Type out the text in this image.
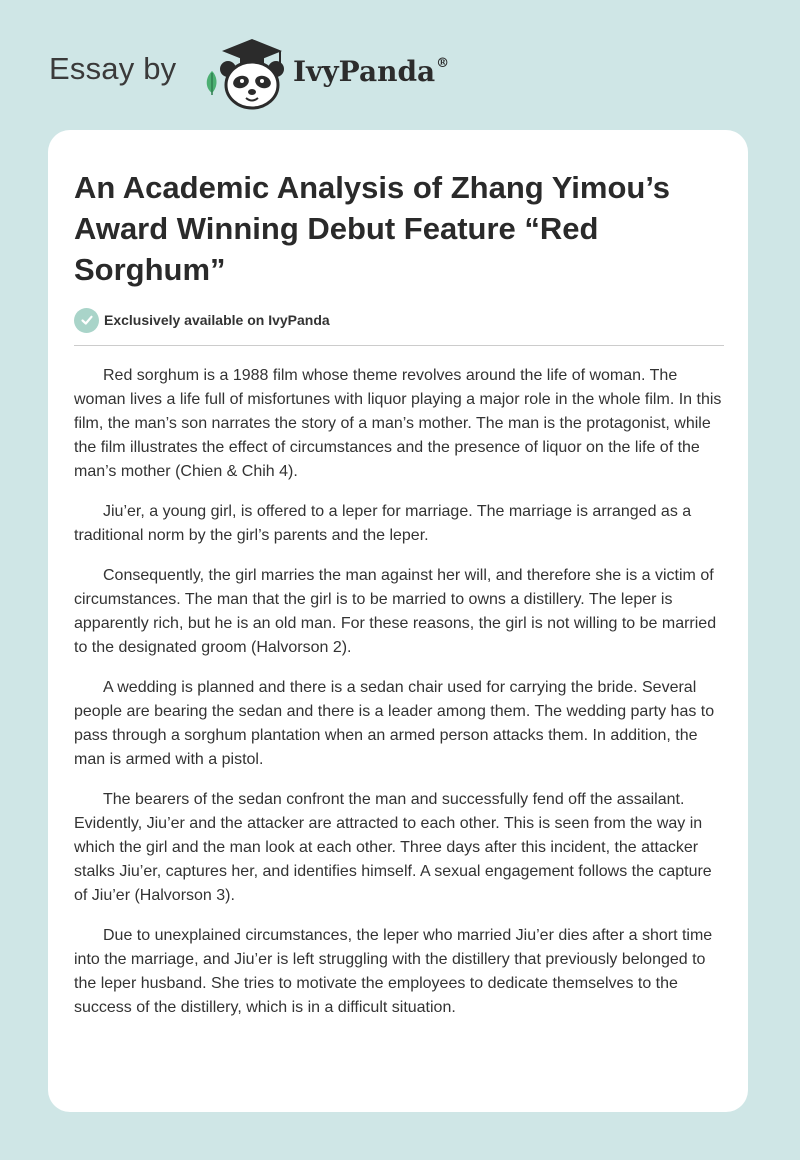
Essay by	IvyPanda®
An Academic Analysis of Zhang Yimou’s Award Winning Debut Feature “Red Sorghum”
Exclusively available on IvyPanda

Red sorghum is a 1988 film whose theme revolves around the life of woman. The woman lives a life full of misfortunes with liquor playing a major role in the whole film. In this film, the man’s son narrates the story of a man’s mother. The man is the protagonist, while the film illustrates the effect of circumstances and the presence of liquor on the life of the man’s mother (Chien & Chih 4).

Jiu’er, a young girl, is offered to a leper for marriage. The marriage is arranged as a traditional norm by the girl’s parents and the leper.

Consequently, the girl marries the man against her will, and therefore she is a victim of circumstances. The man that the girl is to be married to owns a distillery. The leper is apparently rich, but he is an old man. For these reasons, the girl is not willing to be married to the designated groom (Halvorson 2).

A wedding is planned and there is a sedan chair used for carrying the bride. Several people are bearing the sedan and there is a leader among them. The wedding party has to pass through a sorghum plantation when an armed person attacks them. In addition, the man is armed with a pistol.

The bearers of the sedan confront the man and successfully fend off the assailant. Evidently, Jiu’er and the attacker are attracted to each other. This is seen from the way in which the girl and the man look at each other. Three days after this incident, the attacker stalks Jiu’er, captures her, and identifies himself. A sexual engagement follows the capture of Jiu’er (Halvorson 3).

Due to unexplained circumstances, the leper who married Jiu’er dies after a short time into the marriage, and Jiu’er is left struggling with the distillery that previously belonged to the leper husband. She tries to motivate the employees to dedicate themselves to the success of the distillery, which is in a difficult situation.
